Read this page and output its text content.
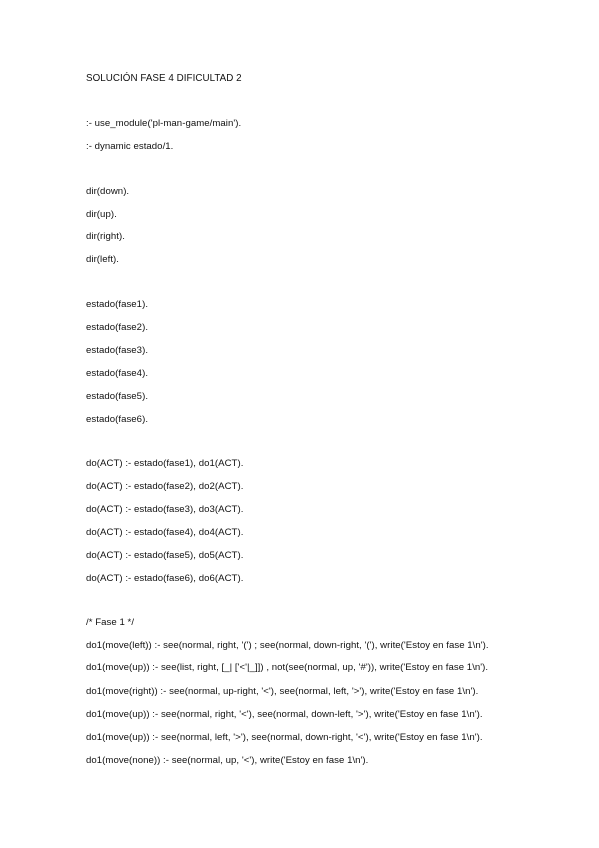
SOLUCIÓN FASE 4 DIFICULTAD 2
:- use_module('pl-man-game/main').
:- dynamic estado/1.
dir(down).
dir(up).
dir(right).
dir(left).
estado(fase1).
estado(fase2).
estado(fase3).
estado(fase4).
estado(fase5).
estado(fase6).
do(ACT) :- estado(fase1), do1(ACT).
do(ACT) :- estado(fase2), do2(ACT).
do(ACT) :- estado(fase3), do3(ACT).
do(ACT) :- estado(fase4), do4(ACT).
do(ACT) :- estado(fase5), do5(ACT).
do(ACT) :- estado(fase6), do6(ACT).
/* Fase 1 */
do1(move(left)) :- see(normal, right, '(') ; see(normal, down-right, '('), write('Estoy en fase 1\n').
do1(move(up)) :- see(list, right, [_| ['<'|_]]) , not(see(normal, up, '#')), write('Estoy en fase 1\n').
do1(move(right)) :- see(normal, up-right, '<'), see(normal, left, '>'), write('Estoy en fase 1\n').
do1(move(up)) :- see(normal, right, '<'), see(normal, down-left, '>'), write('Estoy en fase 1\n').
do1(move(up)) :- see(normal, left, '>'), see(normal, down-right, '<'), write('Estoy en fase 1\n').
do1(move(none)) :- see(normal, up, '<'), write('Estoy en fase 1\n').
